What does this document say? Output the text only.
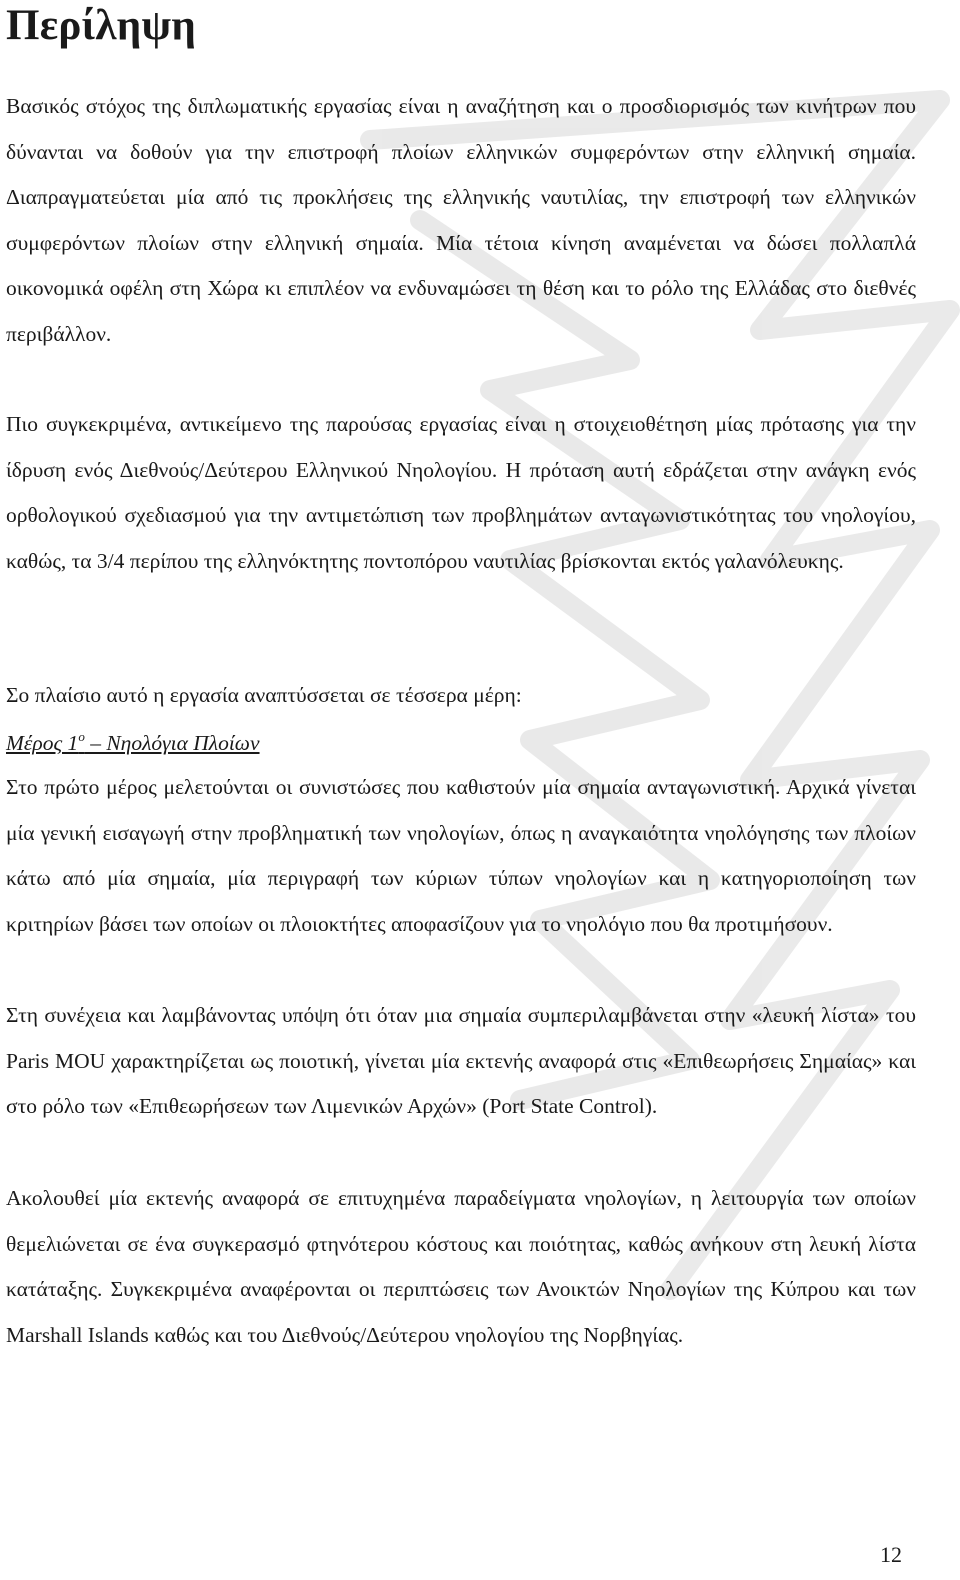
Περίληψη

Βασικός στόχος της διπλωματικής εργασίας είναι η αναζήτηση και ο προσδιορισμός των κινήτρων που δύνανται να δοθούν για την επιστροφή πλοίων ελληνικών συμφερόντων στην ελληνική σημαία. Διαπραγματεύεται μία από τις προκλήσεις της ελληνικής ναυτιλίας, την επιστροφή των ελληνικών συμφερόντων πλοίων στην ελληνική σημαία. Μία τέτοια κίνηση αναμένεται να δώσει πολλαπλά οικονομικά οφέλη στη Χώρα κι επιπλέον να ενδυναμώσει τη θέση και το ρόλο της Ελλάδας στο διεθνές περιβάλλον.

Πιο συγκεκριμένα, αντικείμενο της παρούσας εργασίας είναι η στοιχειοθέτηση μίας πρότασης για την ίδρυση ενός Διεθνούς/Δεύτερου Ελληνικού Νηολογίου. Η πρόταση αυτή εδράζεται στην ανάγκη ενός ορθολογικού σχεδιασμού για την αντιμετώπιση των προβλημάτων ανταγωνιστικότητας του νηολογίου, καθώς, τα 3/4 περίπου της ελληνόκτητης ποντοπόρου ναυτιλίας βρίσκονται εκτός γαλανόλευκης.

Σο πλαίσιο αυτό η εργασία αναπτύσσεται σε τέσσερα μέρη:

Μέρος $1^o$ – Νηολόγια Πλοίων

Στο πρώτο μέρος μελετούνται οι συνιστώσες που καθιστούν μία σημαία ανταγωνιστική. Αρχικά γίνεται μία γενική εισαγωγή στην προβληματική των νηολογίων, όπως η αναγκαιότητα νηολόγησης των πλοίων κάτω από μία σημαία, μία περιγραφή των κύριων τύπων νηολογίων και η κατηγοριοποίηση των κριτηρίων βάσει των οποίων οι πλοιοκτήτες αποφασίζουν για το νηολόγιο που θα προτιμήσουν.

Στη συνέχεια και λαμβάνοντας υπόψη ότι όταν μια σημαία συμπεριλαμβάνεται στην «λευκή λίστα» του Paris MOU χαρακτηρίζεται ως ποιοτική, γίνεται μία εκτενής αναφορά στις «Επιθεωρήσεις Σημαίας» και στο ρόλο των «Επιθεωρήσεων των Λιμενικών Αρχών» (Port State Control).

Ακολουθεί μία εκτενής αναφορά σε επιτυχημένα παραδείγματα νηολογίων, η λειτουργία των οποίων θεμελιώνεται σε ένα συγκερασμό φτηνότερου κόστους και ποιότητας, καθώς ανήκουν στη λευκή λίστα κατάταξης. Συγκεκριμένα αναφέρονται οι περιπτώσεις των Ανοικτών Νηολογίων της Κύπρου και των Marshall Islands καθώς και του Διεθνούς/Δεύτερου νηολογίου της Νορβηγίας.

12
